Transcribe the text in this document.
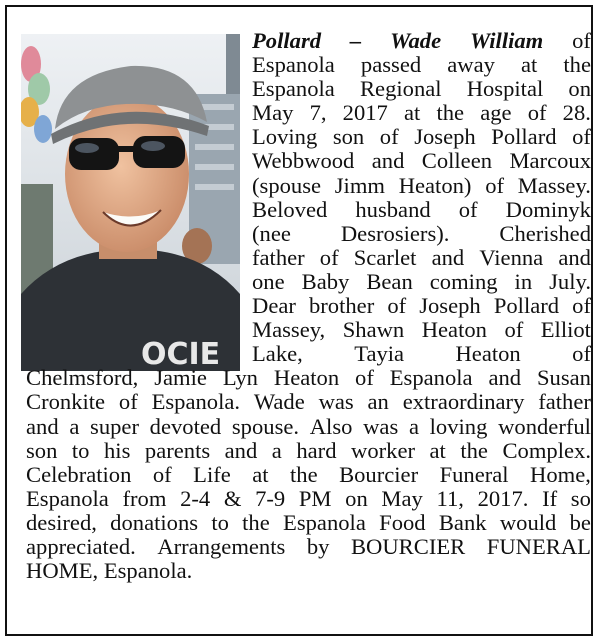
OCIE
Pollard – Wade William of
Espanola passed away at the
Espanola Regional Hospital on
May 7, 2017 at the age of 28.
Loving son of Joseph Pollard of
Webbwood and Colleen Marcoux
(spouse Jimm Heaton) of Massey.
Beloved husband of Dominyk
(nee Desrosiers). Cherished
father of Scarlet and Vienna and
one Baby Bean coming in July.
Dear brother of Joseph Pollard of
Massey, Shawn Heaton of Elliot
Lake, Tayia Heaton of
Chelmsford, Jamie Lyn Heaton of Espanola and Susan
Cronkite of Espanola. Wade was an extraordinary father
and a super devoted spouse. Also was a loving wonderful
son to his parents and a hard worker at the Complex.
Celebration of Life at the Bourcier Funeral Home,
Espanola from 2-4 & 7-9 PM on May 11, 2017. If so
desired, donations to the Espanola Food Bank would be
appreciated. Arrangements by BOURCIER FUNERAL
HOME, Espanola.
